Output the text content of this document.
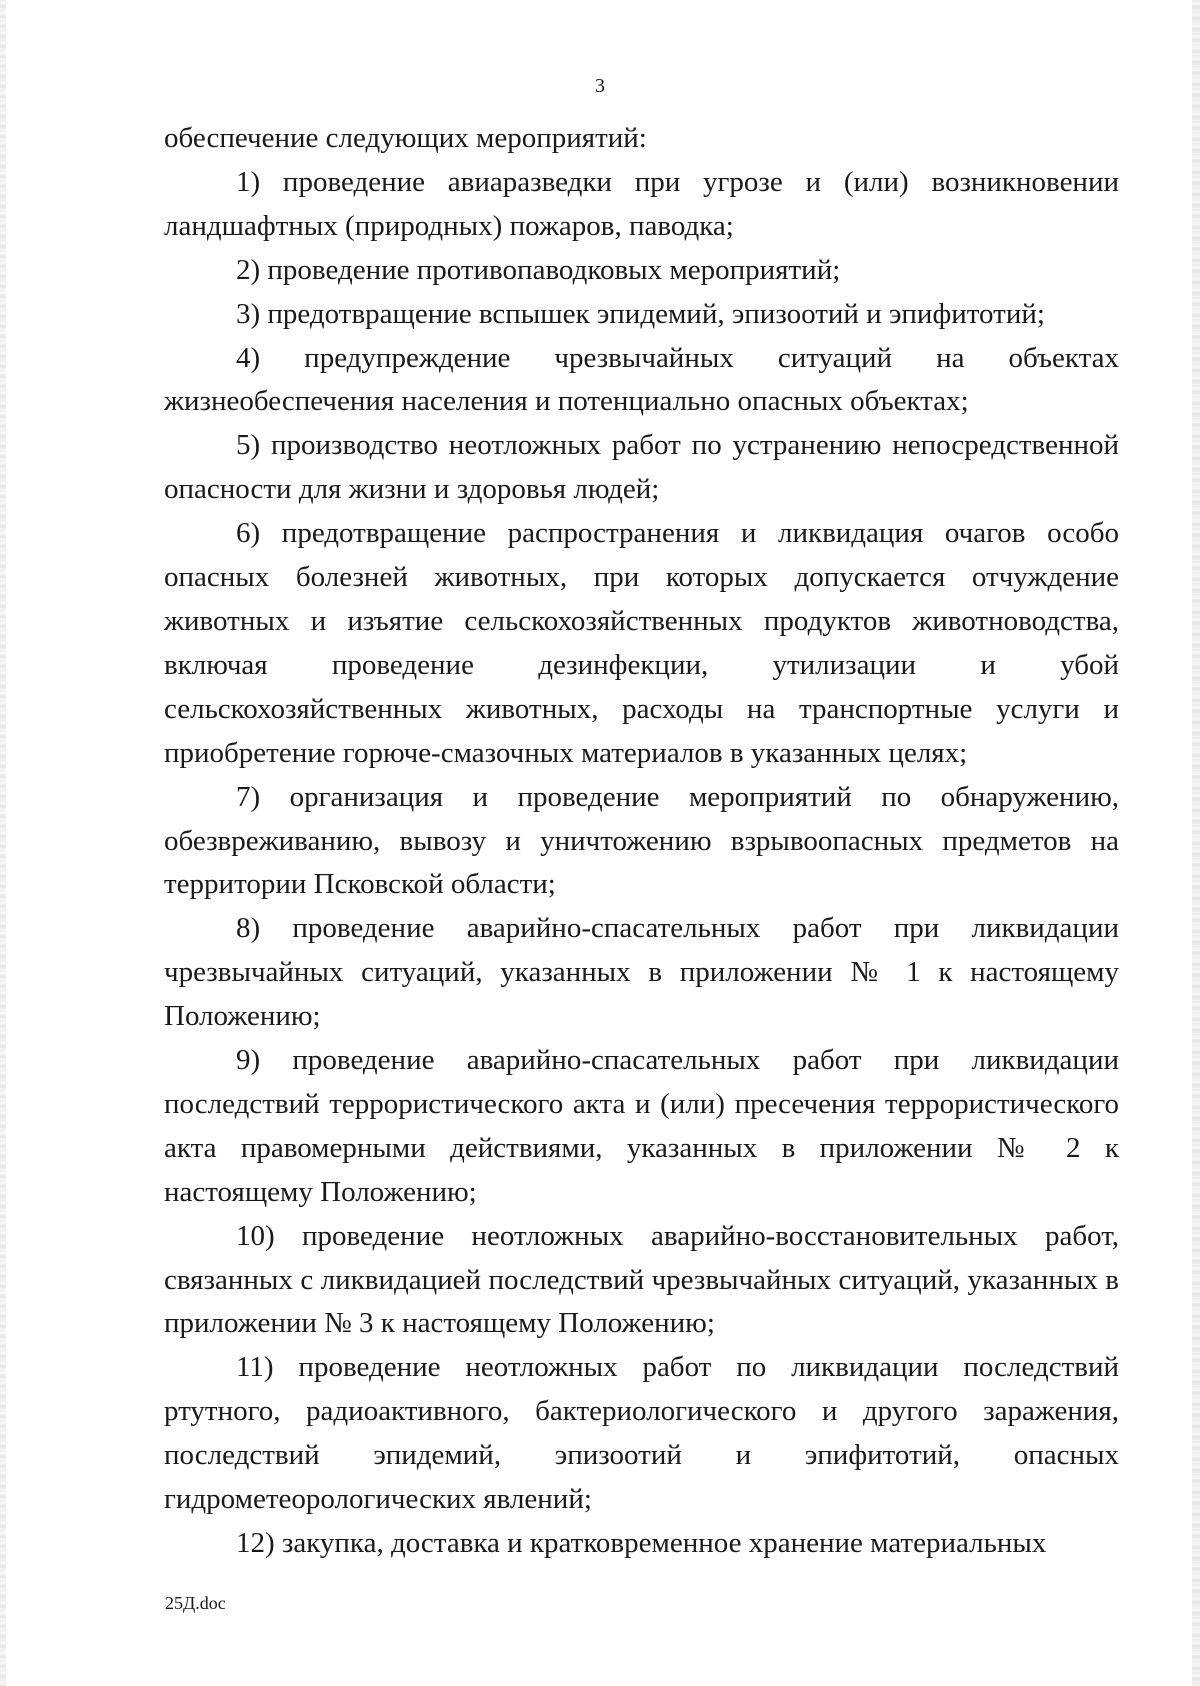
3

обеспечение следующих мероприятий:

1) проведение авиаразведки при угрозе и (или) возникновении ландшафтных (природных) пожаров, паводка;

2) проведение противопаводковых мероприятий;

3) предотвращение вспышек эпидемий, эпизоотий и эпифитотий;

4) предупреждение чрезвычайных ситуаций на объектах жизнеобеспечения населения и потенциально опасных объектах;

5) производство неотложных работ по устранению непосредственной опасности для жизни и здоровья людей;

6) предотвращение распространения и ликвидация очагов особо опасных болезней животных, при которых допускается отчуждение животных и изъятие сельскохозяйственных продуктов животноводства, включая проведение дезинфекции, утилизации и убой сельскохозяйственных животных, расходы на транспортные услуги и приобретение горюче-смазочных материалов в указанных целях;

7) организация и проведение мероприятий по обнаружению, обезвреживанию, вывозу и уничтожению взрывоопасных предметов на территории Псковской области;

8) проведение аварийно-спасательных работ при ликвидации чрезвычайных ситуаций, указанных в приложении № 1 к настоящему Положению;

9) проведение аварийно-спасательных работ при ликвидации последствий террористического акта и (или) пресечения террористического акта правомерными действиями, указанных в приложении № 2 к настоящему Положению;

10) проведение неотложных аварийно-восстановительных работ, связанных с ликвидацией последствий чрезвычайных ситуаций, указанных в приложении № 3 к настоящему Положению;

11) проведение неотложных работ по ликвидации последствий ртутного, радиоактивного, бактериологического и другого заражения, последствий эпидемий, эпизоотий и эпифитотий, опасных гидрометеорологических явлений;

12) закупка, доставка и кратковременное хранение материальных

25Д.doc
